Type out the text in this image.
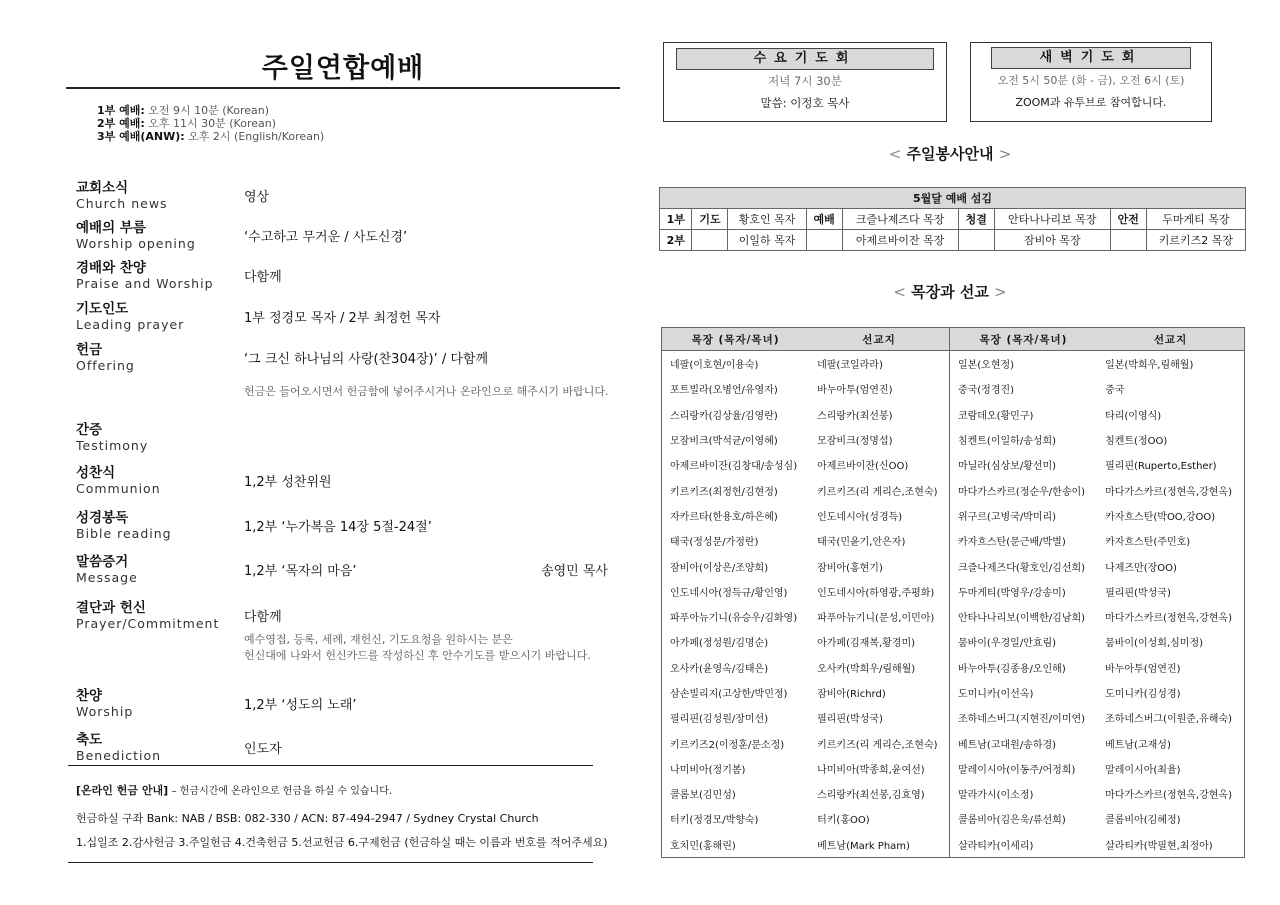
주일연합예배
1부 예배: 오전 9시 10분 (Korean)
2부 예배: 오후 11시 30분 (Korean)
3부 예배(ANW): 오후 2시 (English/Korean)
교회소식
Church news	영상
예배의 부름
Worship opening	‘수고하고 무거운 / 사도신경’
경배와 찬양
Praise and Worship	다함께
기도인도
Leading prayer	1부 정경모 목자 / 2부 최정헌 목자
헌금
Offering	‘그 크신 하나님의 사랑(찬304장)’ / 다함께
헌금은 들어오시면서 헌금함에 넣어주시거나 온라인으로 해주시기 바랍니다.
간증
Testimony
성찬식
Communion	1,2부 성찬위원
성경봉독
Bible reading	1,2부 ‘누가복음 14장 5절-24절’
말씀증거
Message	1,2부 ‘목자의 마음’	송영민 목사
결단과 헌신
Prayer/Commitment	다함께
예수영접, 등록, 세례, 재헌신, 기도요청을 원하시는 분은
헌신대에 나와서 헌신카드를 작성하신 후 안수기도를 받으시기 바랍니다.
찬양
Worship	1,2부 ‘성도의 노래’
축도
Benediction	인도자
[온라인 헌금 안내] – 헌금시간에 온라인으로 헌금을 하실 수 있습니다.
헌금하실 구좌 Bank: NAB / BSB: 082-330 / ACN: 87-494-2947 / Sydney Crystal Church
1.십일조 2.감사헌금 3.주일헌금 4.건축헌금 5.선교헌금 6.구제헌금 (헌금하실 때는 이름과 번호를 적어주세요)
수요기도회
저녁 7시 30분
말씀: 이정호 목사
새벽기도회
오전 5시 50분 (화 - 금), 오전 6시 (토)
ZOOM과 유투브로 참여합니다.
< 주일봉사안내 >
5월달 예배 섬김								
1부	기도	황호인 목자	예배	크즐나제즈다 목장	청결	안타나나리보 목장	안전	두마게티 목장
2부		이일하 목자		아제르바이잔 목장		잠비아 목장		키르키즈2 목장
< 목장과 선교 >
목장 (목자/목녀)	선교지	목장 (목자/목녀)	선교지
네팔(이호현/이용숙)	네팔(코일라라)	일본(오현정)	일본(박희우,림해월)
포트빌라(오병언/유영자)	바누아투(엄연진)	중국(정경진)	중국
스리랑카(김상율/김영란)	스리랑카(최선봉)	코람데오(황민구)	타리(이영식)
모잠비크(박석균/이영혜)	모잠비크(정명섭)	침켄트(이일하/송성희)	침켄트(정OO)
아제르바이잔(김창대/송성심)	아제르바이잔(신OO)	마닐라(심상보/황선미)	필리핀(Ruperto,Esther)
키르키즈(최정헌/김현정)	키르키즈(리 게리슨,조현숙)	마다가스카르(정순우/한송이)	마다가스카르(정현옥,강현옥)
자카르타(한용호/하은혜)	인도네시아(성경득)	위구르(고병국/박미리)	카자흐스탄(박OO,강OO)
태국(정성문/가정란)	태국(민윤기,안은자)	카자흐스탄(문근배/박별)	카자흐스탄(주민호)
잠비아(이상은/조양희)	잠비아(홍현기)	크즐나제즈다(황호인/김선희)	나제즈만(장OO)
인도네시아(정득규/황인영)	인도네시아(하영광,주평화)	두마게티(박영우/강송미)	필리핀(박성국)
파푸아뉴기니(유승우/김화영)	파푸아뉴기니(문성,이민아)	안타나나리보(이백한/김남희)	마다가스카르(정현옥,강현옥)
아가페(정성원/김명순)	아가페(김재복,황경미)	뭄바이(우경일/안효림)	뭄바이(이성회,심미정)
오사카(윤영옥/김태은)	오사카(박희우/림해월)	바누아투(김종용/오인해)	바누아투(엄연진)
삼손빌리지(고상한/박민정)	잠비아(Richrd)	도미니카(이선옥)	도미니카(김성경)
필리핀(김성원/장미선)	필리핀(박성국)	조하네스버그(지현진/이미연)	조하네스버그(이원준,유해숙)
키르키즈2(이정훈/문소정)	키르키즈(리 게리슨,조현숙)	베트남(고대원/송하경)	베트남(고재성)
나미비아(정기봄)	나미비아(박종희,윤여선)	말레이시아(이동주/어정희)	말레이시아(최율)
콜롬보(김민성)	스리랑카(최선봉,김효영)	말라가시(이소정)	마다가스카르(정현옥,강현옥)
터키(정경모/박향숙)	터키(홍OO)	콜롬비아(김은욱/류선희)	콜롬비아(김혜정)
호치민(홍해린)	베트남(Mark Pham)	살라티카(이세리)	살라티카(박필현,최정아)
